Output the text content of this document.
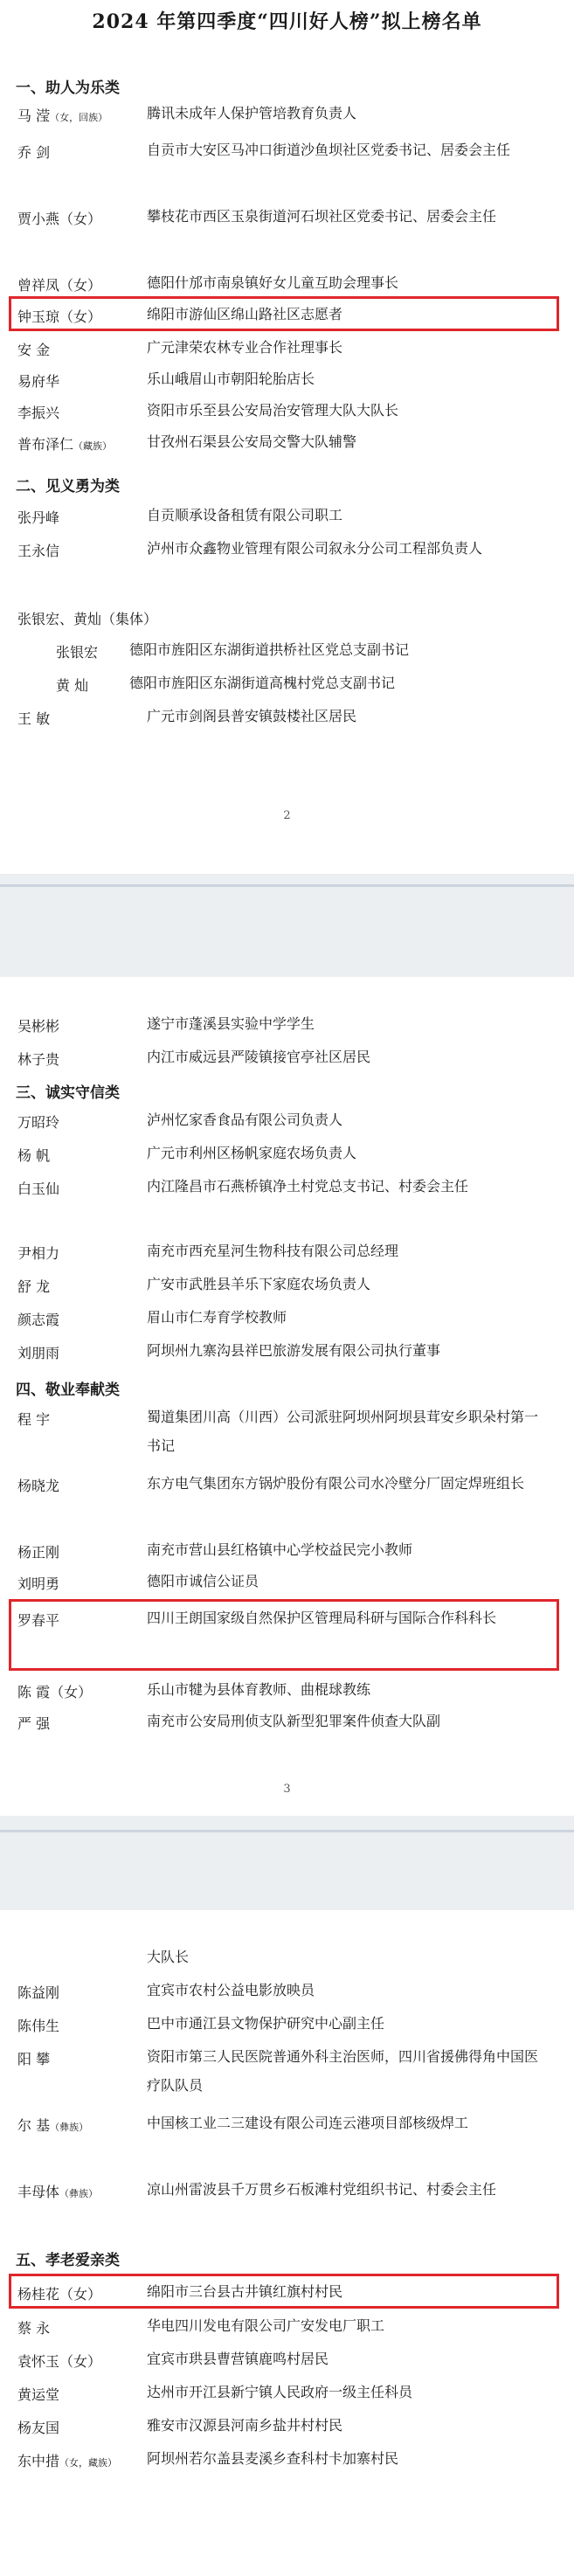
2024 年第四季度“四川好人榜”拟上榜名单
一、助人为乐类
马 滢（女，回族）	腾讯未成年人保护管培教育负责人
乔 剑	自贡市大安区马冲口街道沙鱼坝社区党委书记、居委会主任
贾小燕（女）	攀枝花市西区玉泉街道河石坝社区党委书记、居委会主任
曾祥凤（女）	德阳什邡市南泉镇好女儿童互助会理事长
钟玉琼（女）	绵阳市游仙区绵山路社区志愿者
安 金	广元津荣农林专业合作社理事长
易府华	乐山峨眉山市朝阳轮胎店长
李振兴	资阳市乐至县公安局治安管理大队大队长
普布泽仁（藏族） 甘孜州石渠县公安局交警大队辅警
二、见义勇为类
张丹峰	自贡顺承设备租赁有限公司职工
王永信	泸州市众鑫物业管理有限公司叙永分公司工程部负责人
张银宏、黄灿（集体）
张银宏 德阳市旌阳区东湖街道拱桥社区党总支副书记
黄 灿	德阳市旌阳区东湖街道高槐村党总支副书记
王 敏	广元市剑阁县普安镇鼓楼社区居民
2
吴彬彬	遂宁市蓬溪县实验中学学生
林子贵	内江市威远县严陵镇接官亭社区居民
三、诚实守信类
万昭玲	泸州忆家香食品有限公司负责人
杨 帆	广元市利州区杨帆家庭农场负责人
白玉仙	内江隆昌市石燕桥镇净土村党总支书记、村委会主任
尹相力	南充市西充星河生物科技有限公司总经理
舒 龙	广安市武胜县羊乐下家庭农场负责人
颜志霞	眉山市仁寿育学校教师
刘朋雨	阿坝州九寨沟县祥巴旅游发展有限公司执行董事
四、敬业奉献类
程 宇	蜀道集团川高（川西）公司派驻阿坝州阿坝县茸安乡职朵村第一书记
杨晓龙	东方电气集团东方锅炉股份有限公司水冷壁分厂固定焊班组长
杨正刚	南充市营山县红格镇中心学校益民完小教师
刘明勇	德阳市诚信公证员
罗春平	四川王朗国家级自然保护区管理局科研与国际合作科科长
陈 霞（女）	乐山市犍为县体育教师、曲棍球教练
严 强	南充市公安局刑侦支队新型犯罪案件侦查大队副
3
大队长
陈益刚	宜宾市农村公益电影放映员
陈伟生	巴中市通江县文物保护研究中心副主任
阳 攀	资阳市第三人民医院普通外科主治医师，四川省援佛得角中国医疗队队员
尔 基（彝族）	中国核工业二三建设有限公司连云港项目部核级焊工
丰母体（彝族）	凉山州雷波县千万贯乡石板滩村党组织书记、村委会主任
五、孝老爱亲类
杨桂花（女）	绵阳市三台县古井镇红旗村村民
蔡 永	华电四川发电有限公司广安发电厂职工
袁怀玉（女）	宜宾市珙县曹营镇鹿鸣村居民
黄运堂	达州市开江县新宁镇人民政府一级主任科员
杨友国	雅安市汉源县河南乡盐井村村民
东中措（女，藏族） 阿坝州若尔盖县麦溪乡查科村卡加寨村民
